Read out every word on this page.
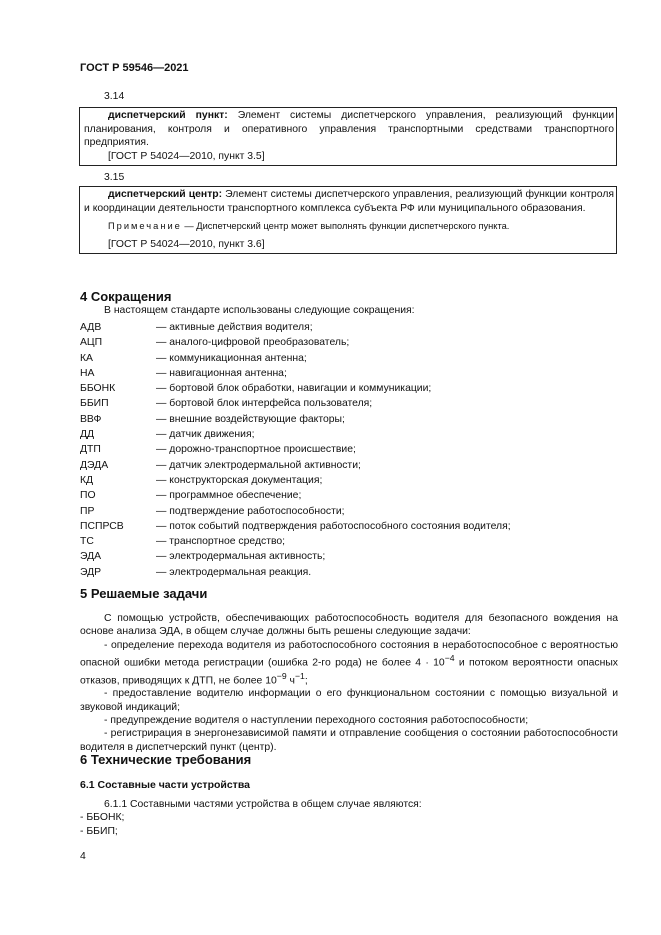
ГОСТ Р 59546—2021
3.14
диспетчерский пункт: Элемент системы диспетчерского управления, реализующий функции планирования, контроля и оперативного управления транспортными средствами транспортного предприятия.
[ГОСТ Р 54024—2010, пункт 3.5]
3.15
диспетчерский центр: Элемент системы диспетчерского управления, реализующий функции контроля и координации деятельности транспортного комплекса субъекта РФ или муниципального образования.
Примечание — Диспетчерский центр может выполнять функции диспетчерского пункта.
[ГОСТ Р 54024—2010, пункт 3.6]
4 Сокращения
В настоящем стандарте использованы следующие сокращения:
АДВ	— активные действия водителя;
АЦП	— аналого-цифровой преобразователь;
КА	— коммуникационная антенна;
НА	— навигационная антенна;
ББОНК	— бортовой блок обработки, навигации и коммуникации;
ББИП	— бортовой блок интерфейса пользователя;
ВВФ	— внешние воздействующие факторы;
ДД	— датчик движения;
ДТП	— дорожно-транспортное происшествие;
ДЭДА	— датчик электродермальной активности;
КД	— конструкторская документация;
ПО	— программное обеспечение;
ПР	— подтверждение работоспособности;
ПСПРСВ	— поток событий подтверждения работоспособного состояния водителя;
ТС	— транспортное средство;
ЭДА	— электродермальная активность;
ЭДР	— электродермальная реакция.
5 Решаемые задачи
С помощью устройств, обеспечивающих работоспособность водителя для безопасного вождения на основе анализа ЭДА, в общем случае должны быть решены следующие задачи:
- определение перехода водителя из работоспособного состояния в неработоспособное с вероятностью опасной ошибки метода регистрации (ошибка 2-го рода) не более $4 \cdot 10^{-4}$ и потоком вероятности опасных отказов, приводящих к ДТП, не более $10^{-9}$ $ч^{-1}$;
- предоставление водителю информации о его функциональном состоянии с помощью визуальной и звуковой индикаций;
- предупреждение водителя о наступлении переходного состояния работоспособности;
- регистрирация в энергонезависимой памяти и отправление сообщения о состоянии работоспособности водителя в диспетчерский пункт (центр).
6 Технические требования
6.1 Составные части устройства
6.1.1 Составными частями устройства в общем случае являются:
- ББОНК;
- ББИП;
4
